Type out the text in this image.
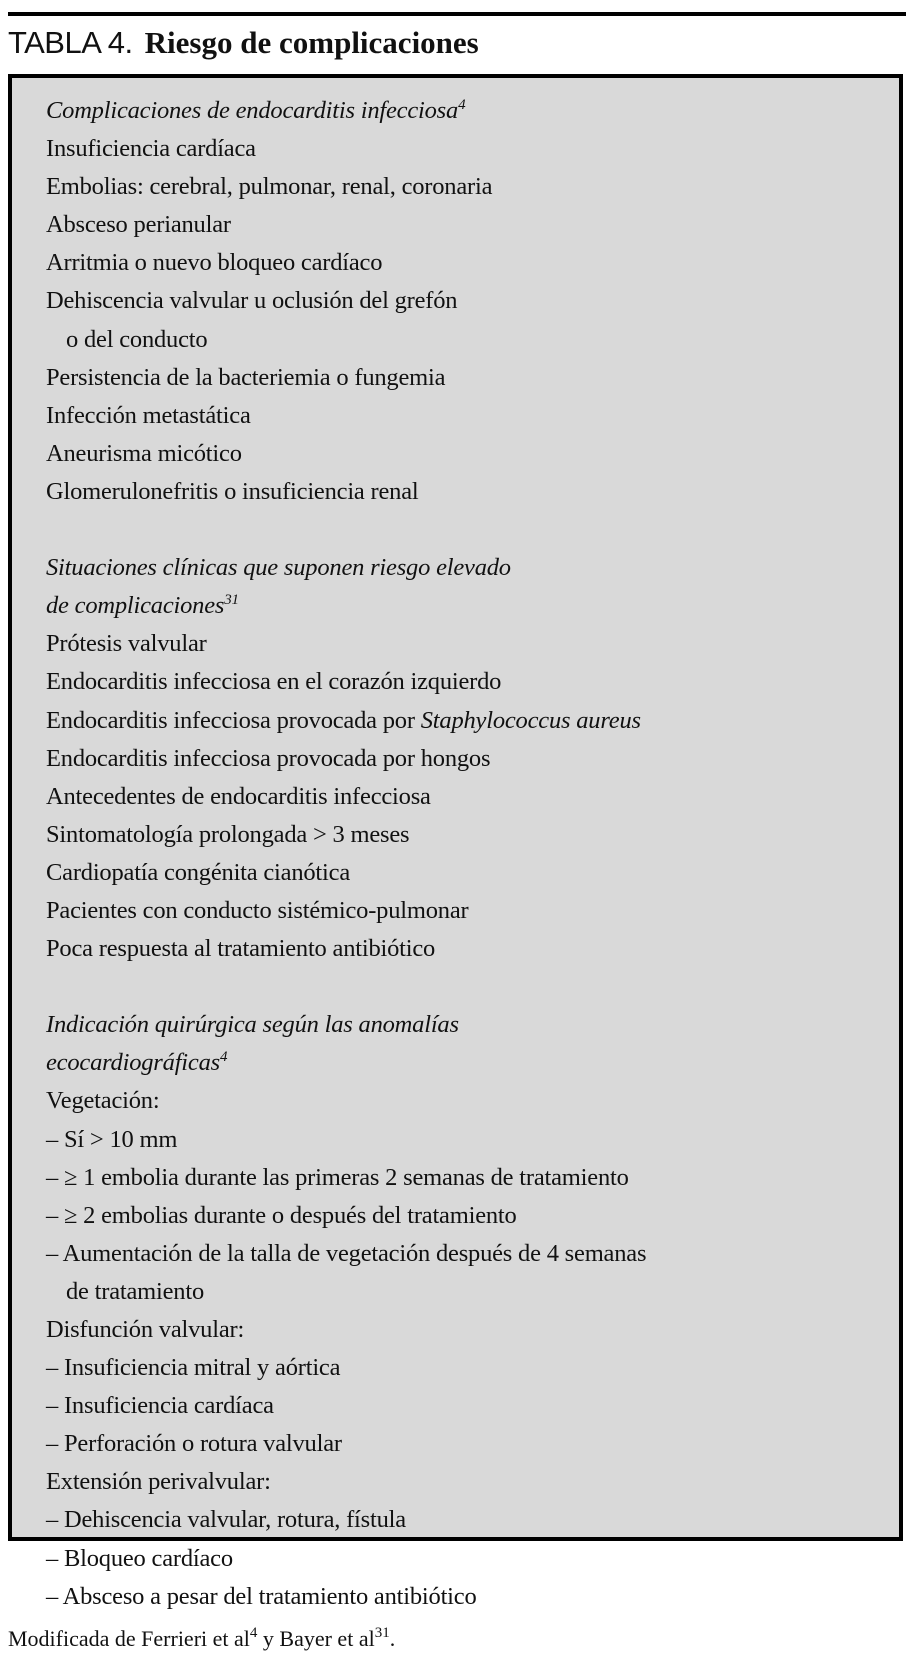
TABLA 4. Riesgo de complicaciones
Complicaciones de endocarditis infecciosa$^4$
Insuficiencia cardíaca
Embolias: cerebral, pulmonar, renal, coronaria
Absceso perianular
Arritmia o nuevo bloqueo cardíaco
Dehiscencia valvular u oclusión del grefón
o del conducto
Persistencia de la bacteriemia o fungemia
Infección metastática
Aneurisma micótico
Glomerulonefritis o insuficiencia renal
Situaciones clínicas que suponen riesgo elevado
de complicaciones$^{31}$
Prótesis valvular
Endocarditis infecciosa en el corazón izquierdo
Endocarditis infecciosa provocada por Staphylococcus aureus
Endocarditis infecciosa provocada por hongos
Antecedentes de endocarditis infecciosa
Sintomatología prolongada > 3 meses
Cardiopatía congénita cianótica
Pacientes con conducto sistémico-pulmonar
Poca respuesta al tratamiento antibiótico
Indicación quirúrgica según las anomalías
ecocardiográficas$^4$
Vegetación:
– Sí > 10 mm
– ≥ 1 embolia durante las primeras 2 semanas de tratamiento
– ≥ 2 embolias durante o después del tratamiento
– Aumentación de la talla de vegetación después de 4 semanas
de tratamiento
Disfunción valvular:
– Insuficiencia mitral y aórtica
– Insuficiencia cardíaca
– Perforación o rotura valvular
Extensión perivalvular:
– Dehiscencia valvular, rotura, fístula
– Bloqueo cardíaco
– Absceso a pesar del tratamiento antibiótico
Modificada de Ferrieri et $al^4$ y Bayer et $al^{31}$.
